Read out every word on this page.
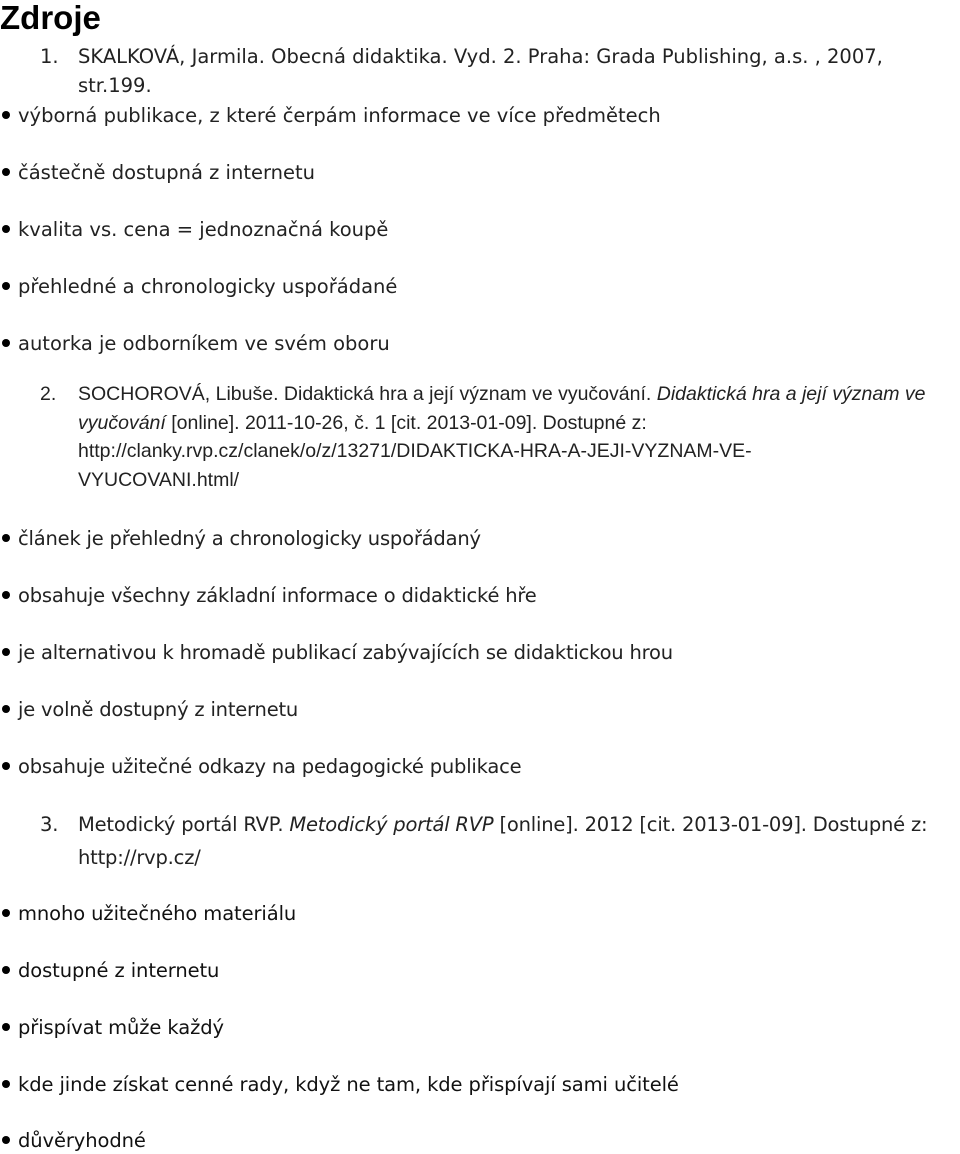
Zdroje
1. SKALKOVÁ, Jarmila. Obecná didaktika. Vyd. 2. Praha: Grada Publishing, a.s. , 2007, str.199.
výborná publikace, z které čerpám informace ve více předmětech
částečně dostupná z internetu
kvalita vs. cena = jednoznačná koupě
přehledné a chronologicky uspořádané
autorka je odborníkem ve svém oboru
2.	SOCHOROVÁ, Libuše. Didaktická hra a její význam ve vyučování. Didaktická hra a její význam ve vyučování [online]. 2011-10-26, č. 1 [cit. 2013-01-09]. Dostupné z:
http://clanky.rvp.cz/clanek/o/z/13271/DIDAKTICKA-HRA-A-JEJI-VYZNAM-VE-
VYUCOVANI.html/
článek je přehledný a chronologicky uspořádaný
obsahuje všechny základní informace o didaktické hře
je alternativou k hromadě publikací zabývajících se didaktickou hrou
je volně dostupný z internetu
obsahuje užitečné odkazy na pedagogické publikace
3.	Metodický portál RVP. Metodický portál RVP [online]. 2012 [cit. 2013-01-09]. Dostupné z:
http://rvp.cz/
mnoho užitečného materiálu
dostupné z internetu
přispívat může každý
kde jinde získat cenné rady, když ne tam, kde přispívají sami učitelé
důvěryhodné
